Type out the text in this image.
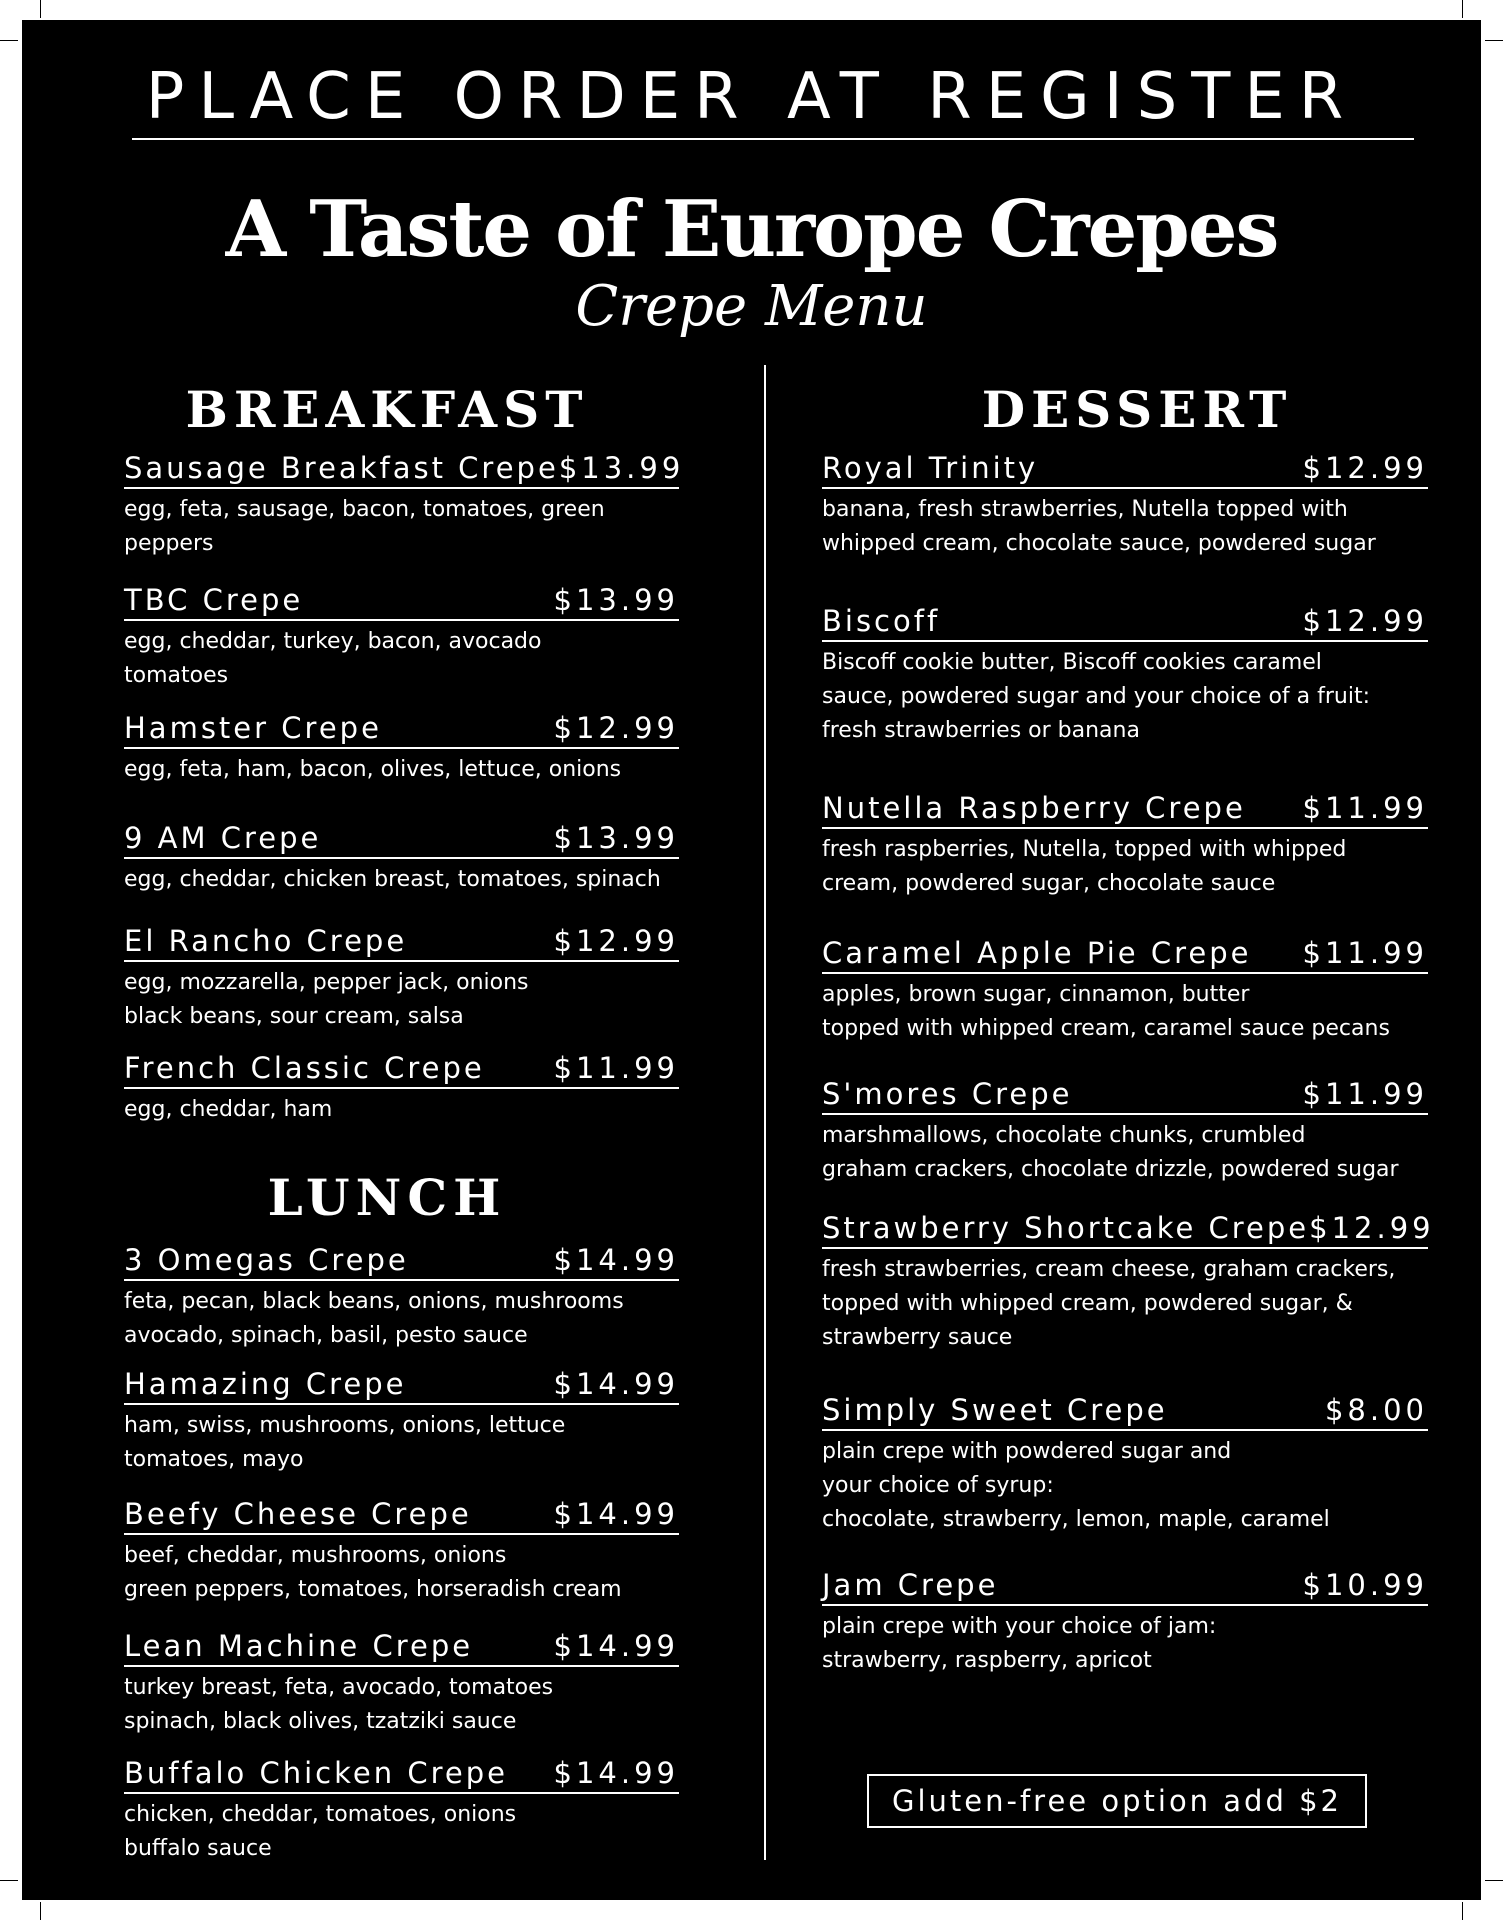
PLACE ORDER AT REGISTER
A Taste of Europe Crepes
Crepe Menu
BREAKFAST
LUNCH
DESSERT
Sausage Breakfast Crepe $13.99
egg, feta, sausage, bacon, tomatoes, green
peppers
TBC Crepe	$13.99
egg, cheddar, turkey, bacon, avocado
tomatoes
Hamster Crepe	$12.99
egg, feta, ham, bacon, olives, lettuce, onions
9 AM Crepe	$13.99
egg, cheddar, chicken breast, tomatoes, spinach
El Rancho Crepe	$12.99
egg, mozzarella, pepper jack, onions
black beans, sour cream, salsa
French Classic Crepe $11.99
egg, cheddar, ham
3 Omegas Crepe	$14.99
feta, pecan, black beans, onions, mushrooms
avocado, spinach, basil, pesto sauce
Hamazing Crepe	$14.99
ham, swiss, mushrooms, onions, lettuce
tomatoes, mayo
Beefy Cheese Crepe	$14.99
beef, cheddar, mushrooms, onions
green peppers, tomatoes, horseradish cream
Lean Machine Crepe	$14.99
turkey breast, feta, avocado, tomatoes
spinach, black olives, tzatziki sauce
Buffalo Chicken Crepe $14.99
chicken, cheddar, tomatoes, onions
buffalo sauce
Royal Trinity	$12.99
banana, fresh strawberries, Nutella topped with
whipped cream, chocolate sauce, powdered sugar
Biscoff	$12.99
Biscoff cookie butter, Biscoff cookies caramel
sauce, powdered sugar and your choice of a fruit:
fresh strawberries or banana
Nutella Raspberry Crepe $11.99
fresh raspberries, Nutella, topped with whipped
cream, powdered sugar, chocolate sauce
Caramel Apple Pie Crepe $11.99
apples, brown sugar, cinnamon, butter
topped with whipped cream, caramel sauce pecans
S'mores Crepe	$11.99
marshmallows, chocolate chunks, crumbled
graham crackers, chocolate drizzle, powdered sugar
Strawberry Shortcake Crepe $12.99
fresh strawberries, cream cheese, graham crackers,
topped with whipped cream, powdered sugar, &
strawberry sauce
Simply Sweet Crepe	$8.00
plain crepe with powdered sugar and
your choice of syrup:
chocolate, strawberry, lemon, maple, caramel
Jam Crepe	$10.99
plain crepe with your choice of jam:
strawberry, raspberry, apricot
Gluten-free option add $2
